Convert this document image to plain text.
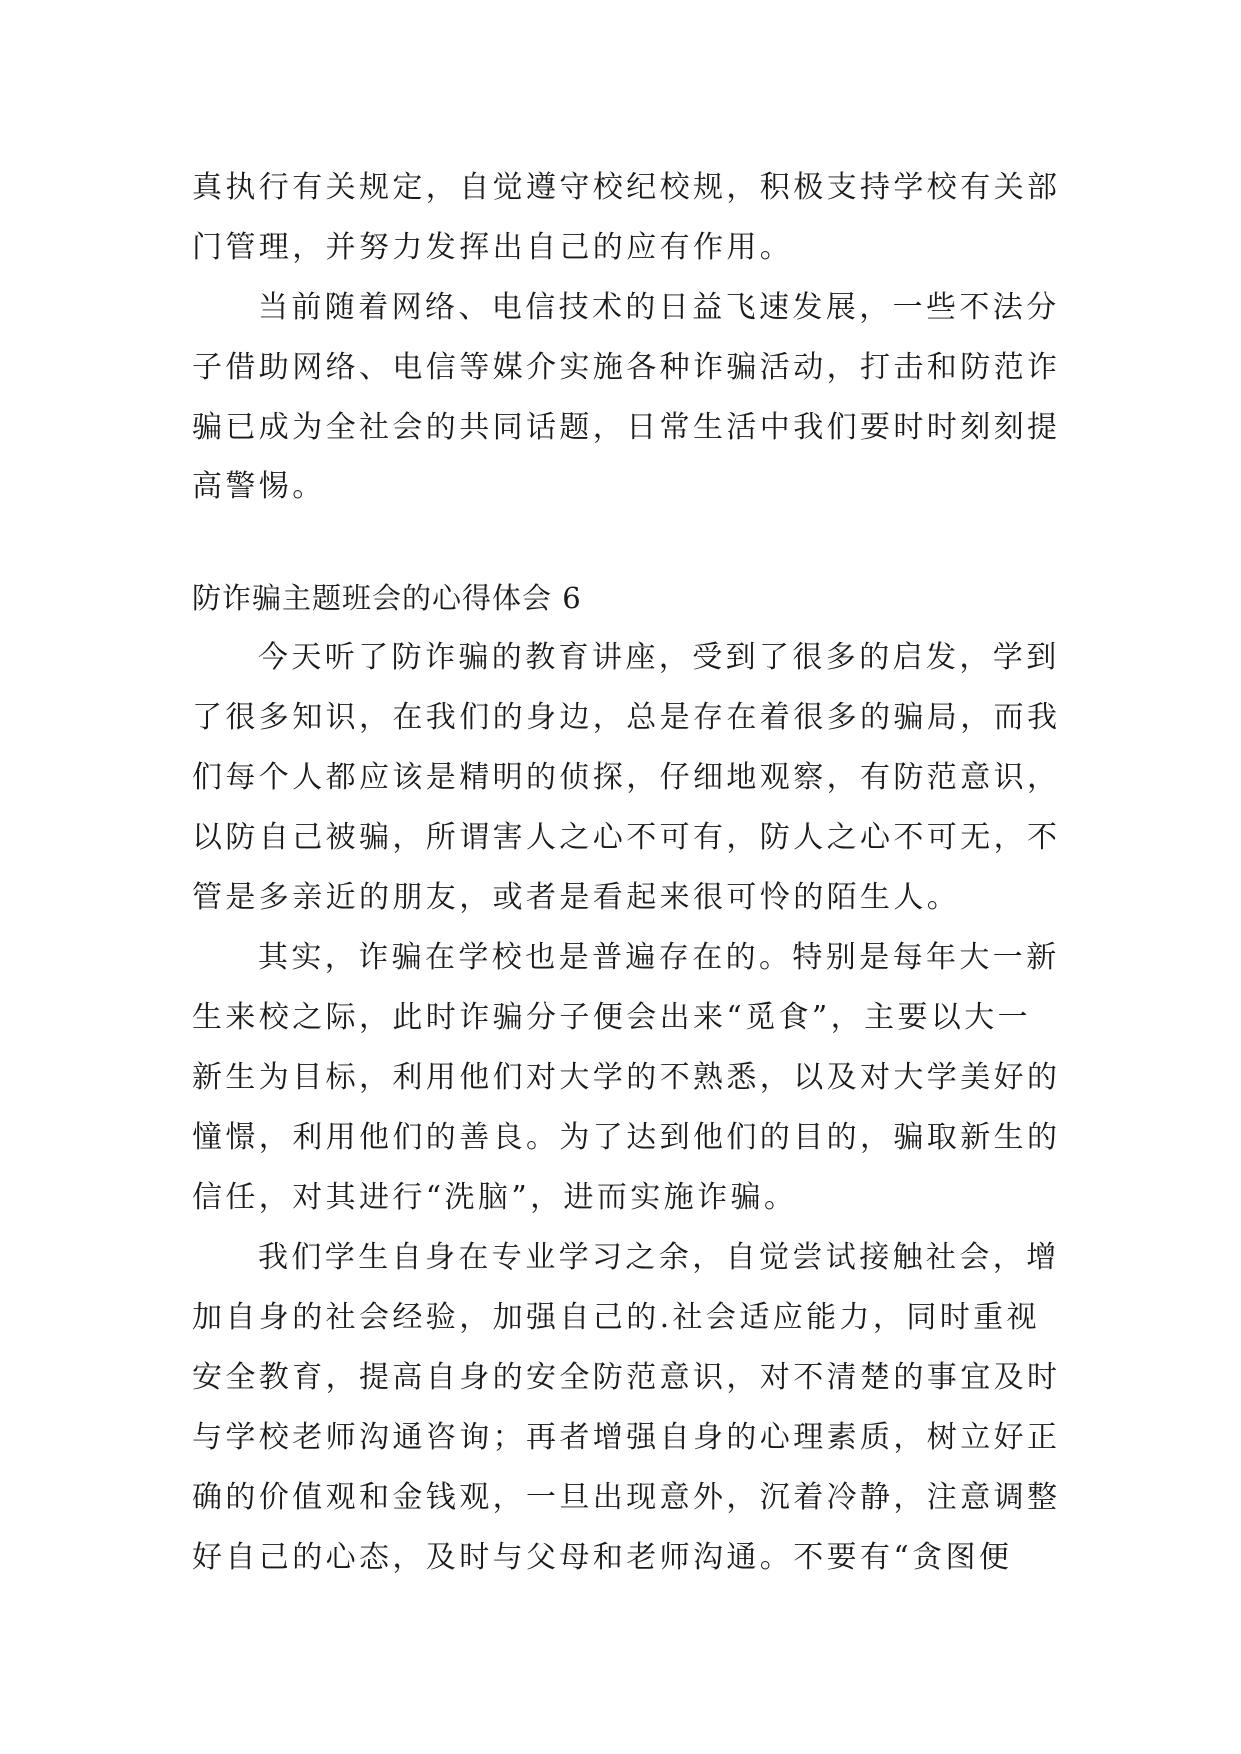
真执行有关规定，自觉遵守校纪校规，积极支持学校有关部
门管理，并努力发挥出自己的应有作用。
当前随着网络、电信技术的日益飞速发展，一些不法分
子借助网络、电信等媒介实施各种诈骗活动，打击和防范诈
骗已成为全社会的共同话题，日常生活中我们要时时刻刻提
高警惕。
防诈骗主题班会的心得体会 6
今天听了防诈骗的教育讲座，受到了很多的启发，学到
了很多知识，在我们的身边，总是存在着很多的骗局，而我
们每个人都应该是精明的侦探，仔细地观察，有防范意识，
以防自己被骗，所谓害人之心不可有，防人之心不可无，不
管是多亲近的朋友，或者是看起来很可怜的陌生人。
其实，诈骗在学校也是普遍存在的。特别是每年大一新
生来校之际，此时诈骗分子便会出来“觅食”，主要以大一
新生为目标，利用他们对大学的不熟悉，以及对大学美好的
憧憬，利用他们的善良。为了达到他们的目的，骗取新生的
信任，对其进行“洗脑”，进而实施诈骗。
我们学生自身在专业学习之余，自觉尝试接触社会，增
加自身的社会经验，加强自己的.社会适应能力，同时重视
安全教育，提高自身的安全防范意识，对不清楚的事宜及时
与学校老师沟通咨询；再者增强自身的心理素质，树立好正
确的价值观和金钱观，一旦出现意外，沉着冷静，注意调整
好自己的心态，及时与父母和老师沟通。不要有“贪图便
